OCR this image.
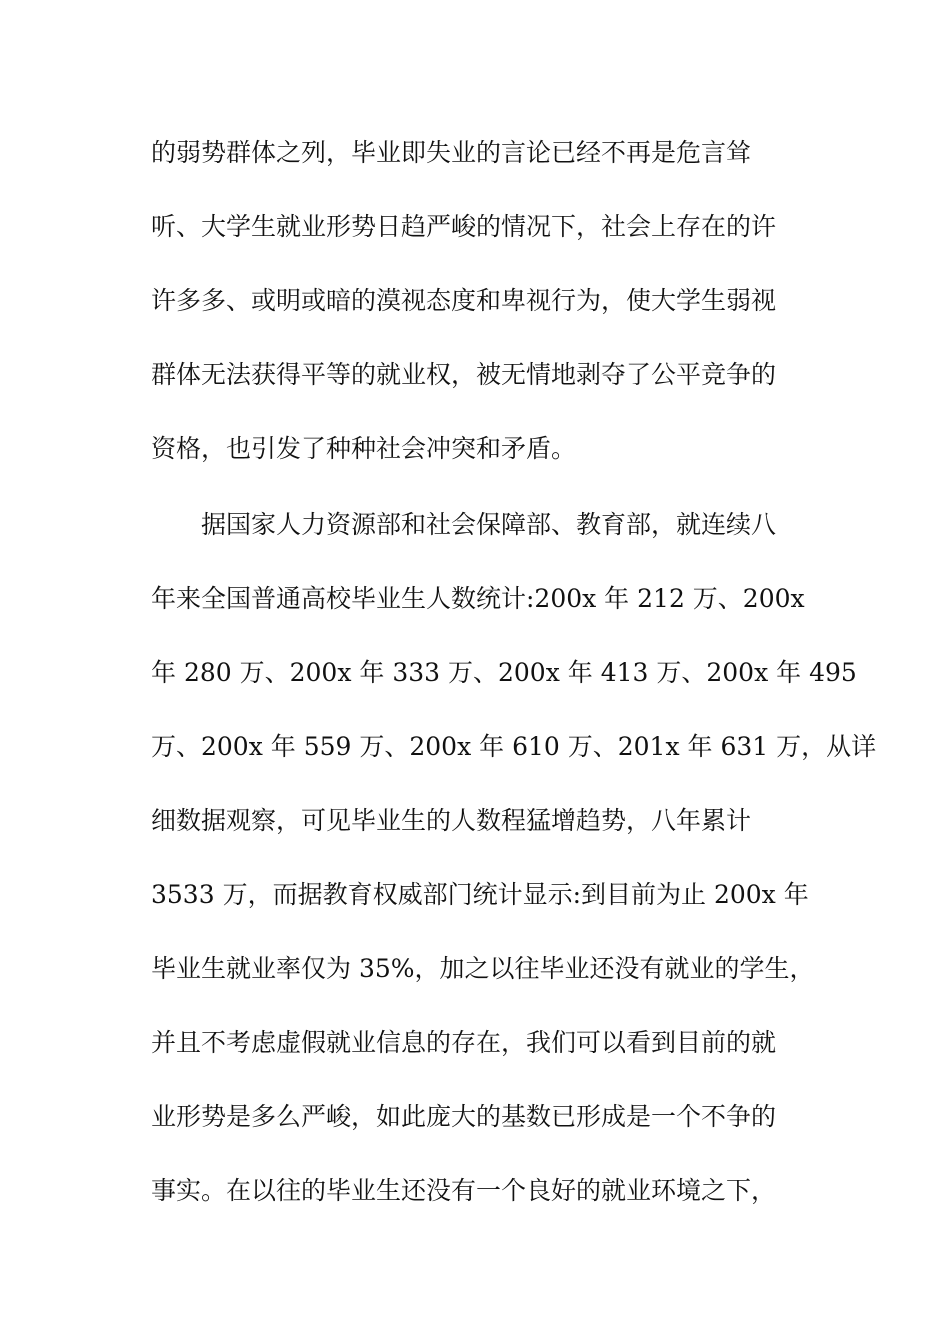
的弱势群体之列，毕业即失业的言论已经不再是危言耸
听、大学生就业形势日趋严峻的情况下，社会上存在的许
许多多、或明或暗的漠视态度和卑视行为，使大学生弱视
群体无法获得平等的就业权，被无情地剥夺了公平竞争的
资格，也引发了种种社会冲突和矛盾。
据国家人力资源部和社会保障部、教育部，就连续八
年来全国普通高校毕业生人数统计:200x 年 212 万、200x
年 280 万、200x 年 333 万、200x 年 413 万、200x 年 495
万、200x 年 559 万、200x 年 610 万、201x 年 631 万，从详
细数据观察，可见毕业生的人数程猛增趋势，八年累计
3533 万，而据教育权威部门统计显示:到目前为止 200x 年
毕业生就业率仅为 35%，加之以往毕业还没有就业的学生，
并且不考虑虚假就业信息的存在，我们可以看到目前的就
业形势是多么严峻，如此庞大的基数已形成是一个不争的
事实。在以往的毕业生还没有一个良好的就业环境之下，
